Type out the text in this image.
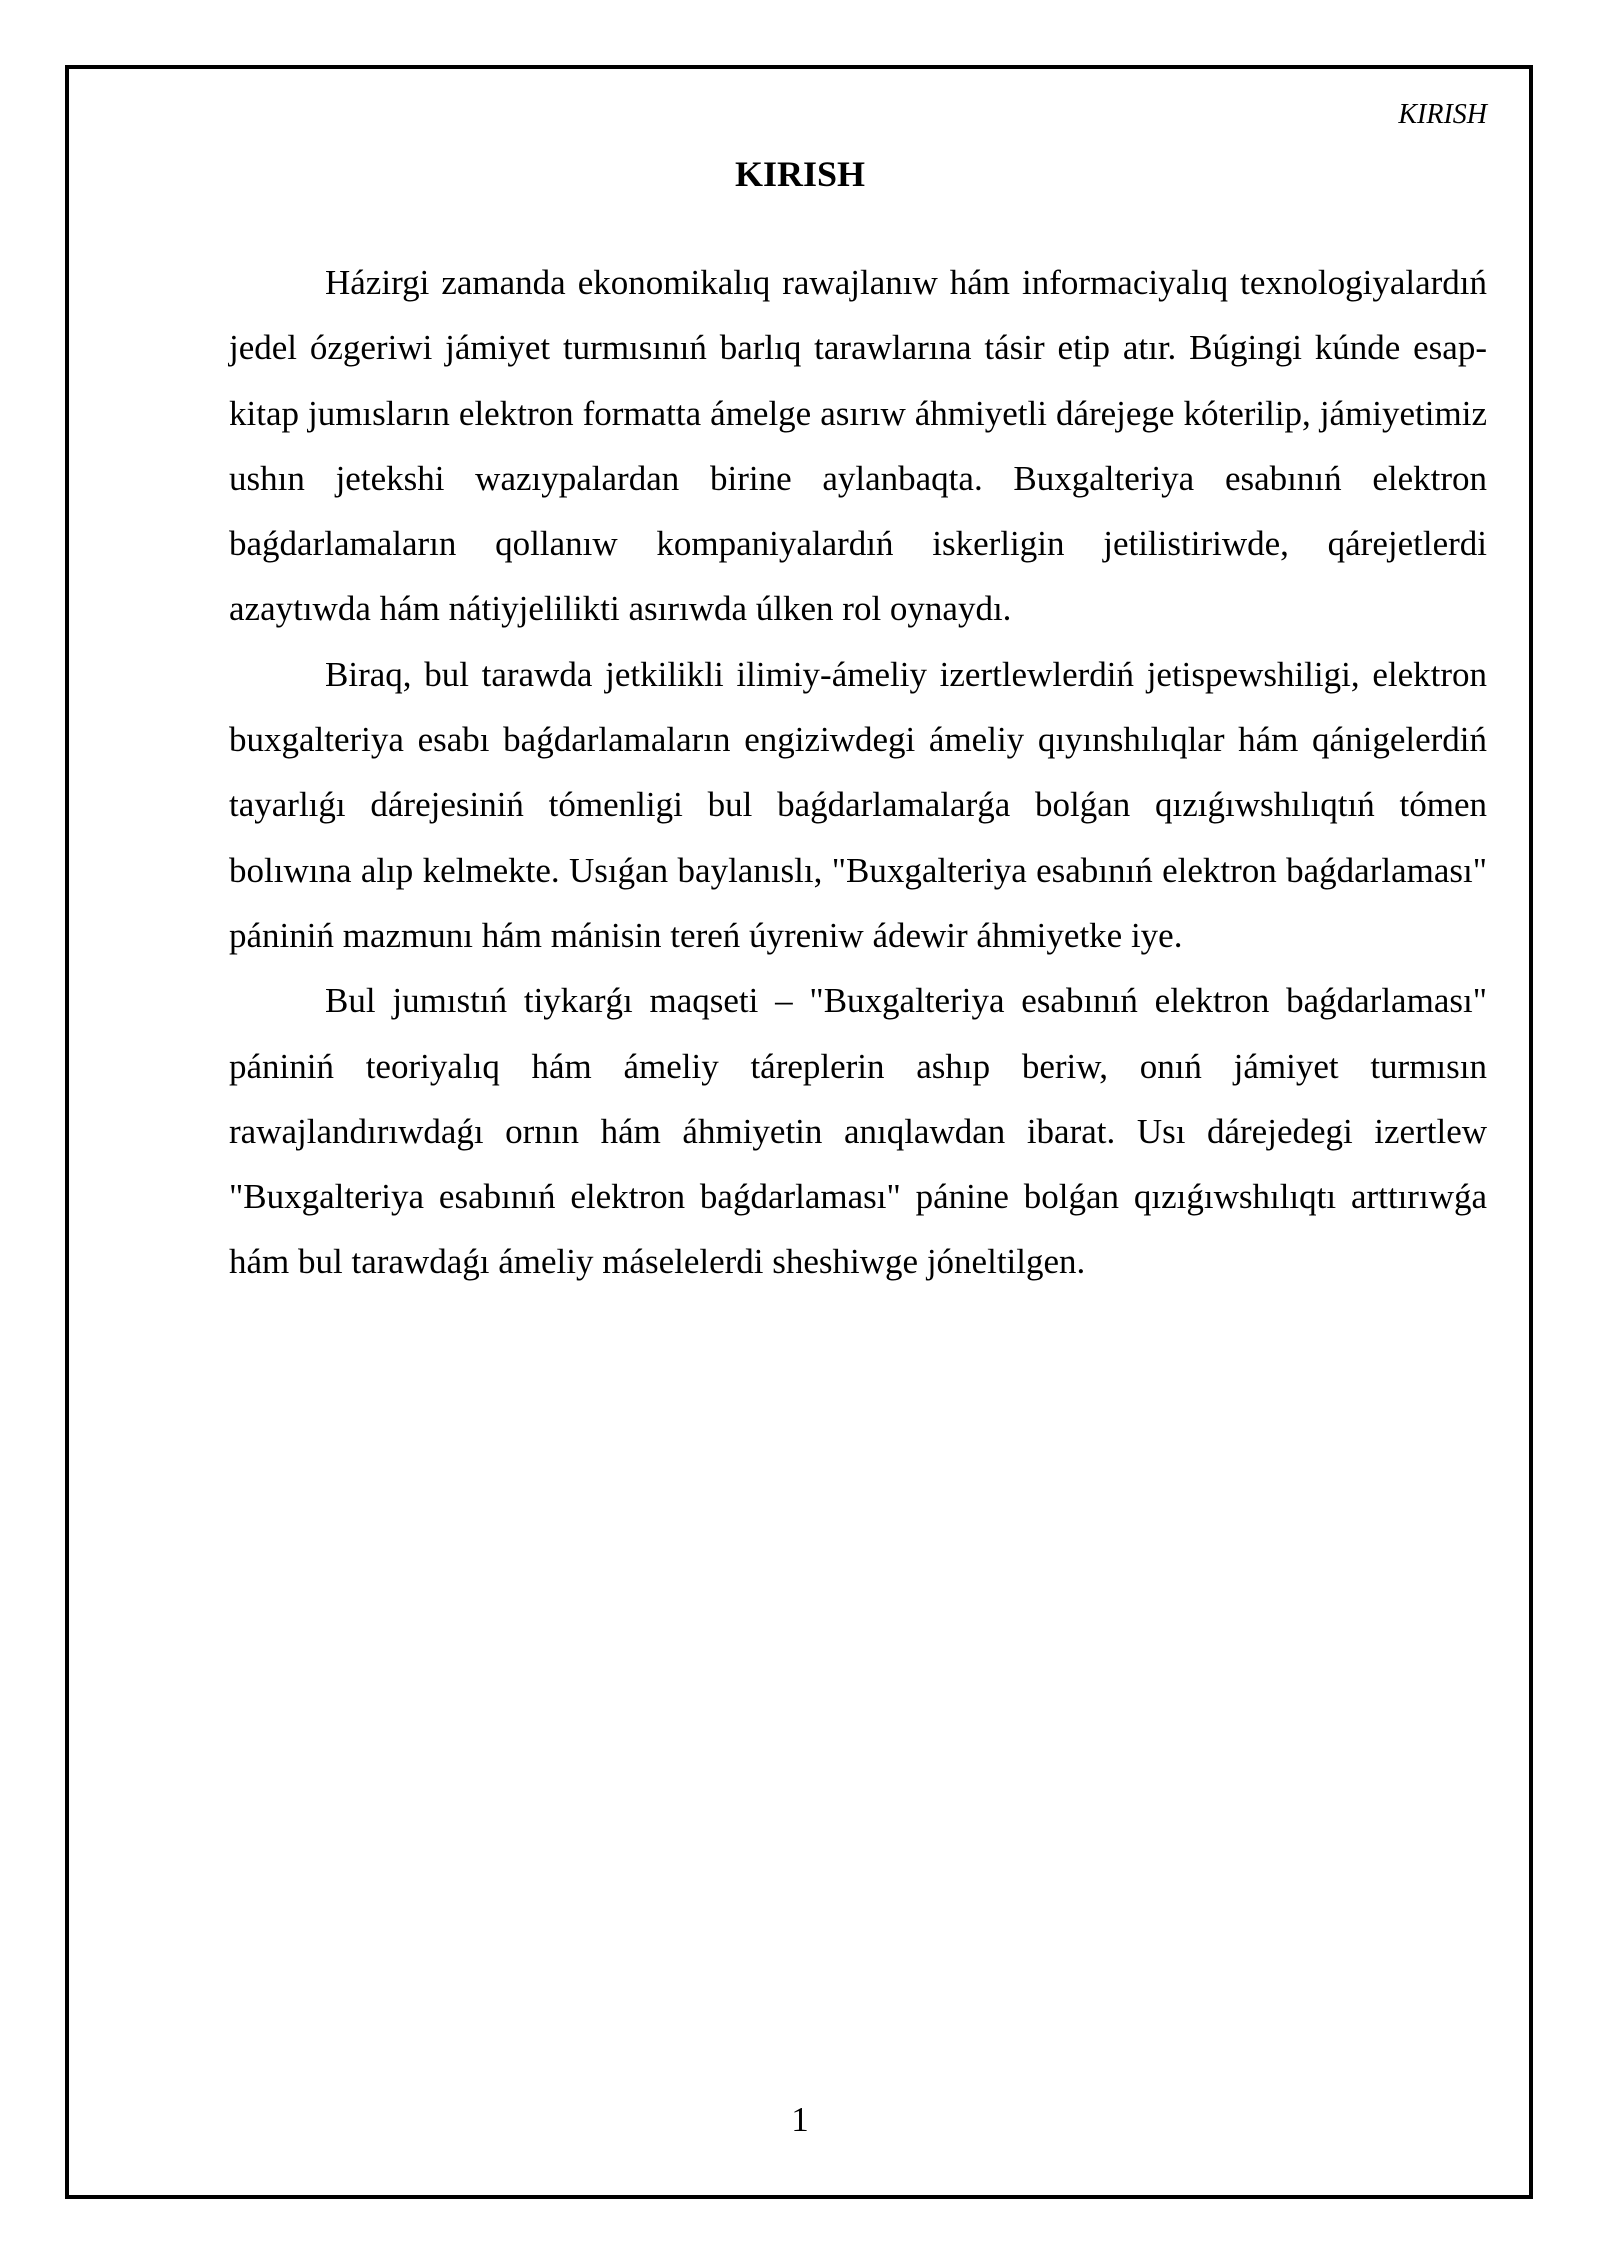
KIRISH
KIRISH

Házirgi zamanda ekonomikalıq rawajlanıw hám informaciyalıq texnologiyalardıń jedel ózgeriwi jámiyet turmısınıń barlıq tarawlarına tásir etip atır. Búgingi kúnde esap-kitap jumısların elektron formatta ámelge asırıw áhmiyetli dárejege kóterilip, jámiyetimiz ushın jetekshi wazıypalardan birine aylanbaqta. Buxgalteriya esabınıń elektron baǵdarlamaların qollanıw kompaniyalardıń iskerligin jetilistiriwde, qárejetlerdi azaytıwda hám nátiyjelilikti asırıwda úlken rol oynaydı.

Biraq, bul tarawda jetkilikli ilimiy-ámeliy izertlewlerdiń jetispewshiligi, elektron buxgalteriya esabı baǵdarlamaların engiziwdegi ámeliy qıyınshılıqlar hám qánigelerdiń tayarlıǵı dárejesiniń tómenligi bul baǵdarlamalarǵa bolǵan qızıǵıwshılıqtıń tómen bolıwına alıp kelmekte. Usıǵan baylanıslı, "Buxgalteriya esabınıń elektron baǵdarlaması" pániniń mazmunı hám mánisin tereń úyreniw ádewir áhmiyetke iye.

Bul jumıstıń tiykarǵı maqseti – "Buxgalteriya esabınıń elektron baǵdarlaması" pániniń teoriyalıq hám ámeliy táreplerin ashıp beriw, onıń jámiyet turmısın rawajlandırıwdaǵı ornın hám áhmiyetin anıqlawdan ibarat. Usı dárejedegi izertlew "Buxgalteriya esabınıń elektron baǵdarlaması" pánine bolǵan qızıǵıwshılıqtı arttırıwǵa hám bul tarawdaǵı ámeliy máselelerdi sheshiwge jóneltilgen.

1
